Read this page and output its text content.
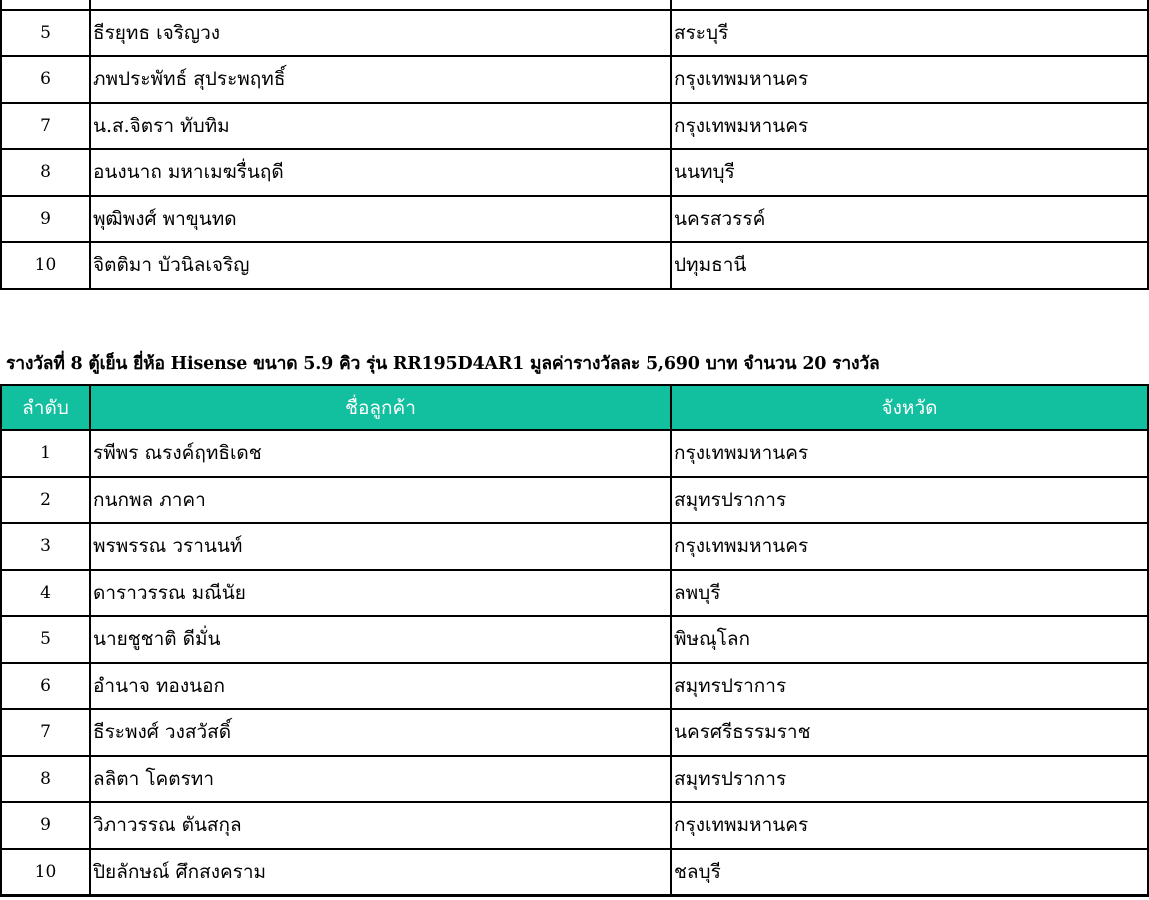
5	ธีรยุทธ เจริญวง	สระบุรี
6	ภพประพัทธ์ สุประพฤทธิ์	กรุงเทพมหานคร
7	น.ส.จิตรา ทับทิม	กรุงเทพมหานคร
8	อนงนาถ มหาเมฆรื่นฤดี	นนทบุรี
9	พุฒิพงศ์ พาขุนทด	นครสวรรค์
10	จิตติมา บัวนิลเจริญ	ปทุมธานี
รางวัลที่ 8 ตู้เย็น ยี่ห้อ Hisense ขนาด 5.9 คิว รุ่น RR195D4AR1 มูลค่ารางวัลละ 5,690 บาท จำนวน 20 รางวัล
ลำดับ	ชื่อลูกค้า	จังหวัด
1	รพีพร ณรงค์ฤทธิเดช	กรุงเทพมหานคร
2	กนกพล ภาคา	สมุทรปราการ
3	พรพรรณ วรานนท์	กรุงเทพมหานคร
4	ดาราวรรณ มณีนัย	ลพบุรี
5	นายชูชาติ ดีมั่น	พิษณุโลก
6	อำนาจ ทองนอก	สมุทรปราการ
7	ธีระพงศ์ วงสวัสดิ์	นครศรีธรรมราช
8	ลลิตา โคตรทา	สมุทรปราการ
9	วิภาวรรณ ตันสกุล	กรุงเทพมหานคร
10	ปิยลักษณ์ ศึกสงคราม	ชลบุรี
